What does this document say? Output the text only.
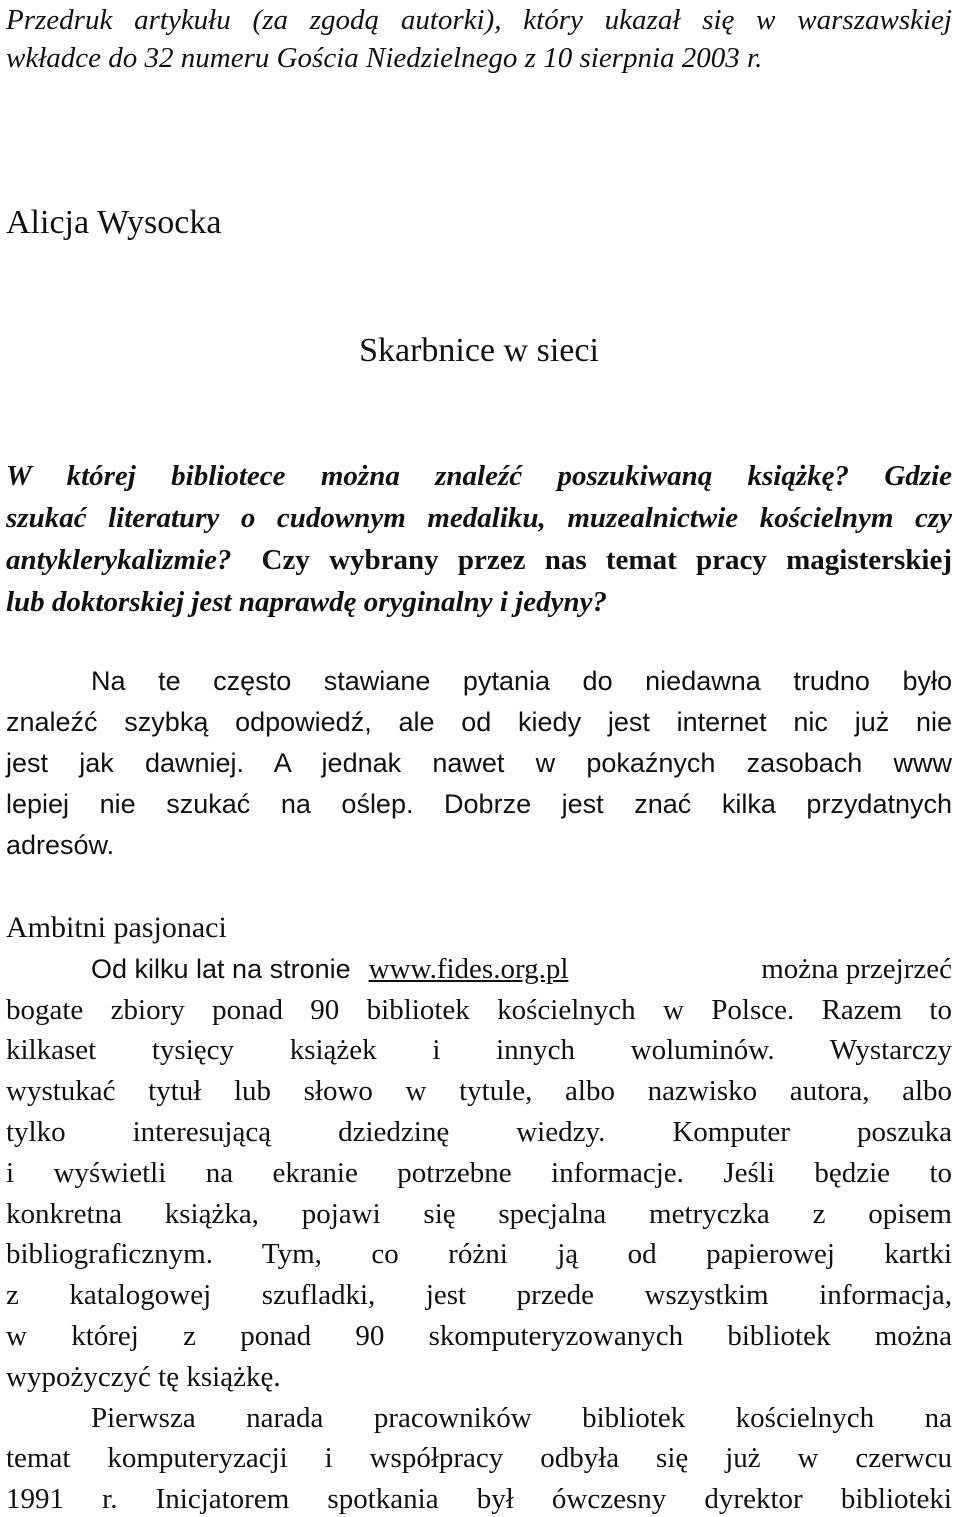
Przedruk artykułu (za zgodą autorki), który ukazał się w warszawskiej
wkładce do 32 numeru Gościa Niedzielnego z 10 sierpnia 2003 r.
Alicja Wysocka
Skarbnice w sieci
W której bibliotece można znaleźć poszukiwaną książkę? Gdzie
szukać literatury o cudownym medaliku, muzealnictwie kościelnym czy
antyklerykalizmie? Czy wybrany przez nas temat pracy magisterskiej
lub doktorskiej jest naprawdę oryginalny i jedyny?
Na te często stawiane pytania do niedawna trudno było
znaleźć szybką odpowiedź, ale od kiedy jest internet nic już nie
jest jak dawniej. A jednak nawet w pokaźnych zasobach www
lepiej nie szukać na oślep. Dobrze jest znać kilka przydatnych
adresów.
Ambitni pasjonaci
Od kilku lat na stronie www.fides.org.pl	można przejrzeć
bogate zbiory ponad 90 bibliotek kościelnych w Polsce. Razem to
kilkaset tysięcy książek i innych woluminów. Wystarczy
wystukać tytuł lub słowo w tytule, albo nazwisko autora, albo
tylko interesującą dziedzinę wiedzy. Komputer poszuka
i wyświetli na ekranie potrzebne informacje. Jeśli będzie to
konkretna książka, pojawi się specjalna metryczka z opisem
bibliograficznym. Tym, co różni ją od papierowej kartki
z katalogowej szufladki, jest przede wszystkim informacja,
w której z ponad 90 skomputeryzowanych bibliotek można
wypożyczyć tę książkę.
Pierwsza narada pracowników bibliotek kościelnych na
temat komputeryzacji i współpracy odbyła się już w czerwcu
1991 r. Inicjatorem spotkania był ówczesny dyrektor biblioteki
